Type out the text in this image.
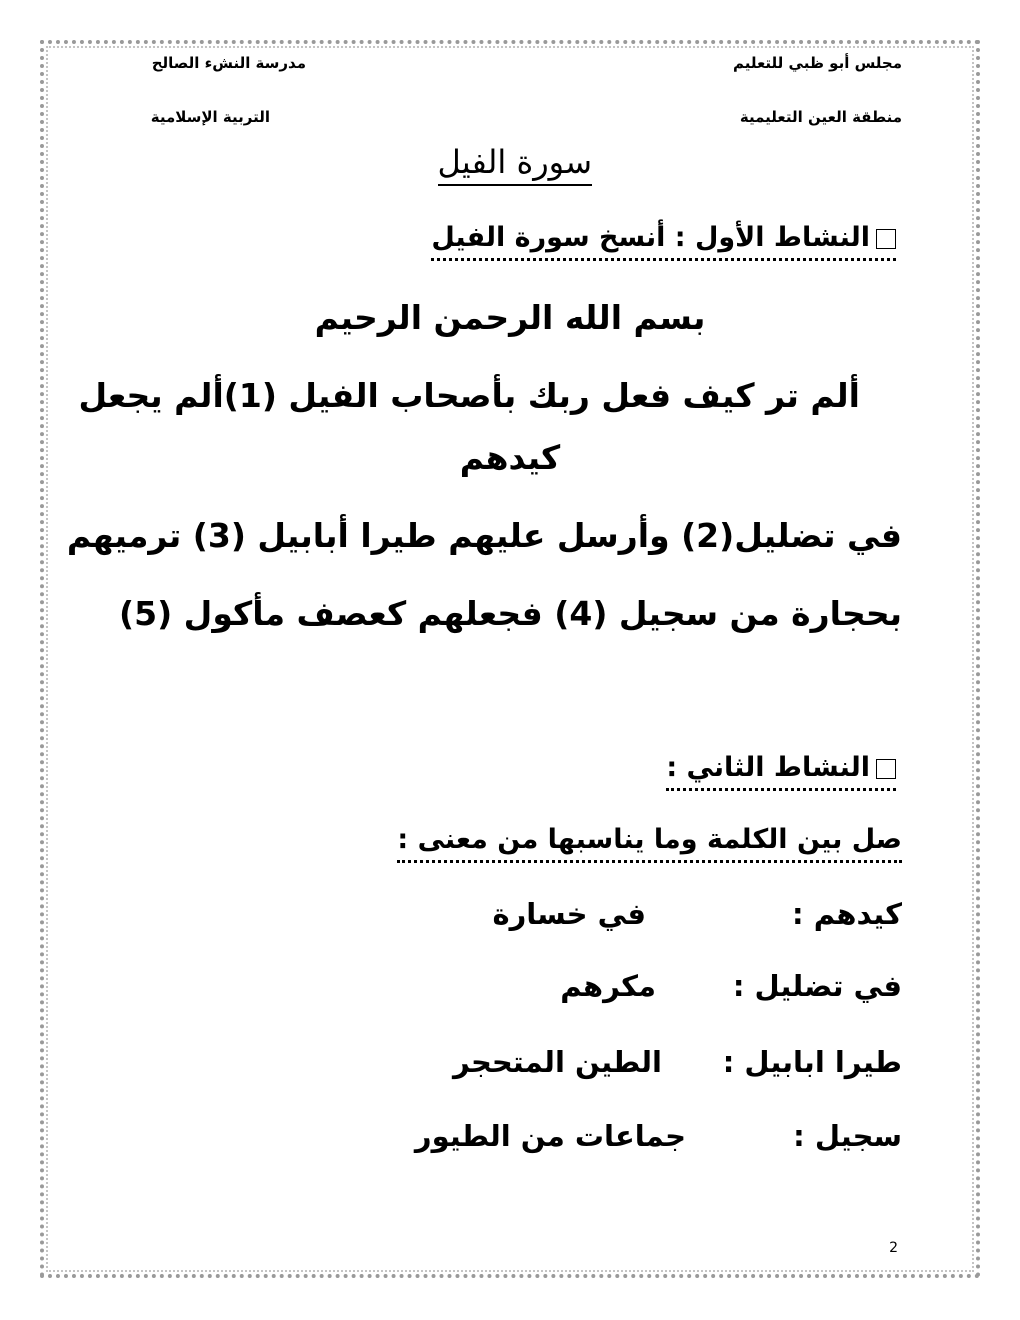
مجلس أبو ظبي للتعليم
مدرسة النشء الصالح
منطقة العين التعليمية
التربية الإسلامية
سورة الفيل
النشاط الأول : أنسخ سورة الفيل
بسم الله الرحمن الرحيم
ألم تر كيف فعل ربك بأصحاب الفيل (1)ألم يجعل
كيدهم
في تضليل(2) وأرسل عليهم طيرا أبابيل (3) ترميهم
بحجارة من سجيل (4) فجعلهم كعصف مأكول (5)
النشاط الثاني :
صل بين الكلمة وما يناسبها من معنى :
كيدهم :
في خسارة
في تضليل :
مكرهم
طيرا ابابيل :
الطين المتحجر
سجيل :
جماعات من الطيور
2
